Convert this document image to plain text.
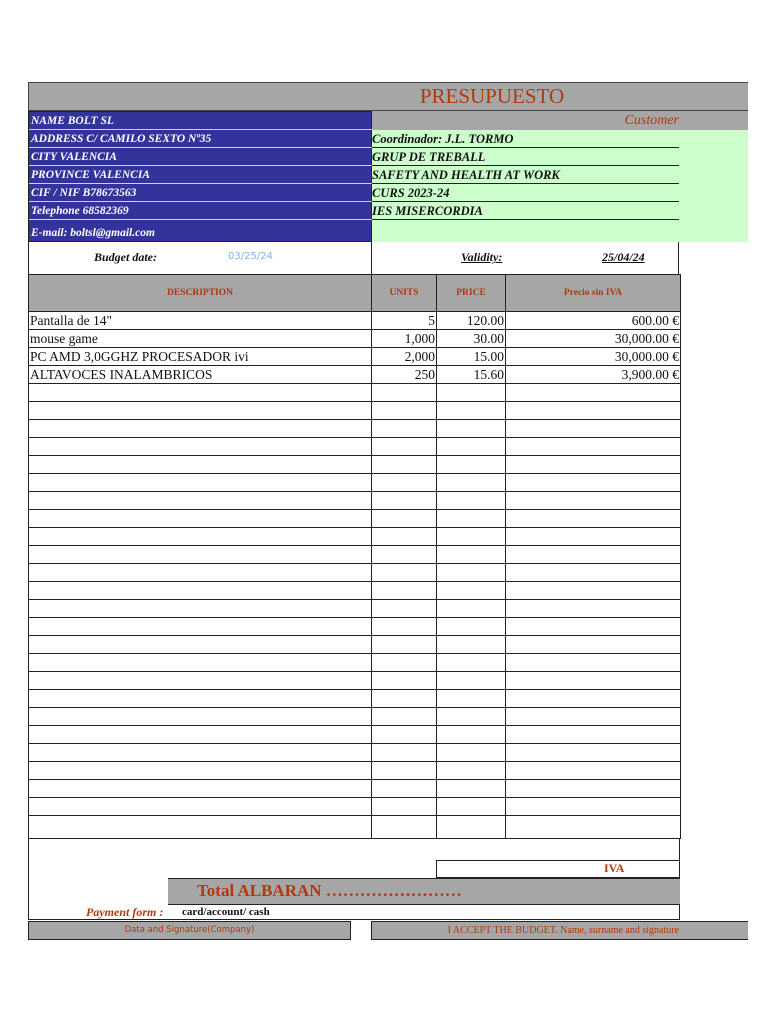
PRESUPUESTO
Customer
NAME BOLT SL
ADDRESS C/ CAMILO SEXTO Nº35
CITY VALENCIA
PROVINCE VALENCIA
CIF / NIF B78673563
Telephone 68582369
E-mail: boltsl@gmail.com
Coordinador: J.L. TORMO
GRUP DE TREBALL
SAFETY AND HEALTH AT WORK
CURS 2023-24
IES MISERCORDIA
Budget date:	03/25/24	Validity:	25/04/24
DESCRIPTION	UNITS	PRICE	Precio sin IVA
Pantalla de 14"	5	120.00	600.00 €
mouse game	1,000	30.00	30,000.00 €
PC AMD 3,0GGHZ PROCESADOR ivi	2,000	15.00	30,000.00 €
ALTAVOCES INALAMBRICOS	250	15.60	3,900.00 €

IVA
Total ALBARAN ……………………
Payment form : card/account/ cash
Data and Signature(Company)	I ACCEPT THE BUDGET. Name, surname and signature
